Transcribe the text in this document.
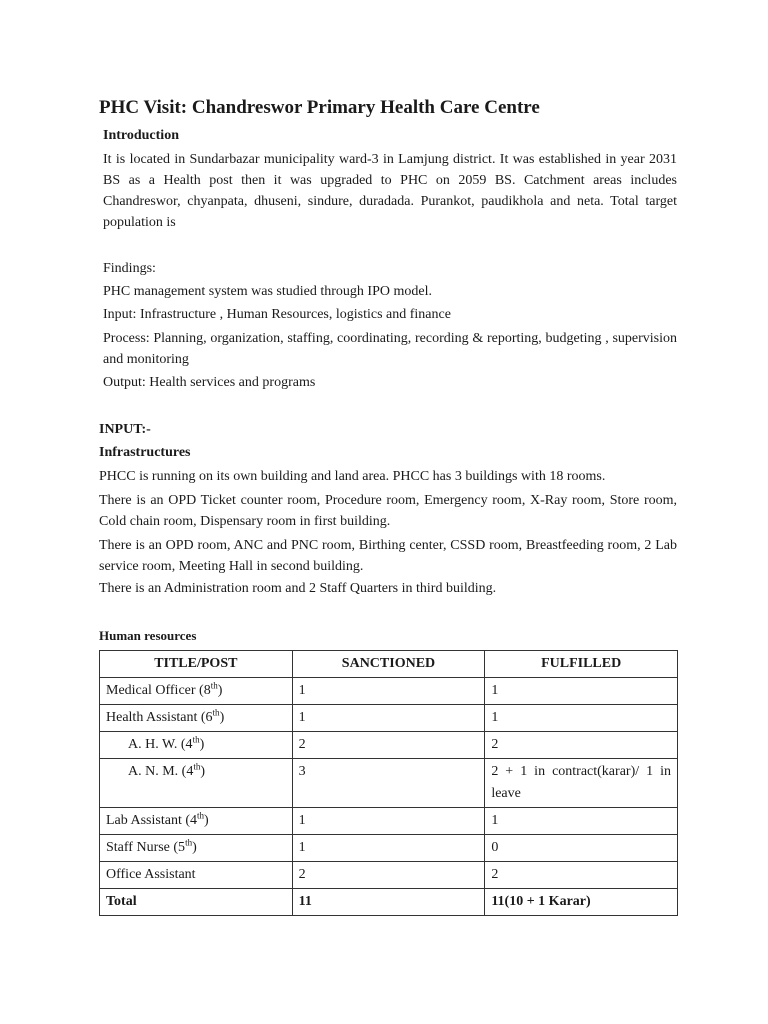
PHC Visit: Chandreswor Primary Health Care Centre
Introduction

It is located in Sundarbazar municipality ward-3 in Lamjung district. It was established in year 2031 BS as a Health post then it was upgraded to PHC on 2059 BS. Catchment areas includes Chandreswor, chyanpata, dhuseni, sindure, duradada. Purankot, paudikhola and neta. Total target population is

Findings:

PHC management system was studied through IPO model.

Input: Infrastructure , Human Resources, logistics and finance

Process: Planning, organization, staffing, coordinating, recording & reporting, budgeting , supervision and monitoring

Output: Health services and programs

INPUT:-

Infrastructures

PHCC is running on its own building and land area. PHCC has 3 buildings with 18 rooms.

There is an OPD Ticket counter room, Procedure room, Emergency room, X-Ray room, Store room, Cold chain room, Dispensary room in first building.

There is an OPD room, ANC and PNC room, Birthing center, CSSD room, Breastfeeding room, 2 Lab service room, Meeting Hall in second building.

There is an Administration room and 2 Staff Quarters in third building.

Human resources

TITLE/POST	SANCTIONED	FULFILLED
Medical Officer (8th)	1	1
Health Assistant (6th)	1	1
A. H. W. (4th)	2	2
A. N. M. (4th)	3	2 + 1 in contract(karar)/ 1 in leave
Lab Assistant (4th)	1	1
Staff Nurse (5th)	1	0
Office Assistant	2	2
Total	11	11(10 + 1 Karar)
